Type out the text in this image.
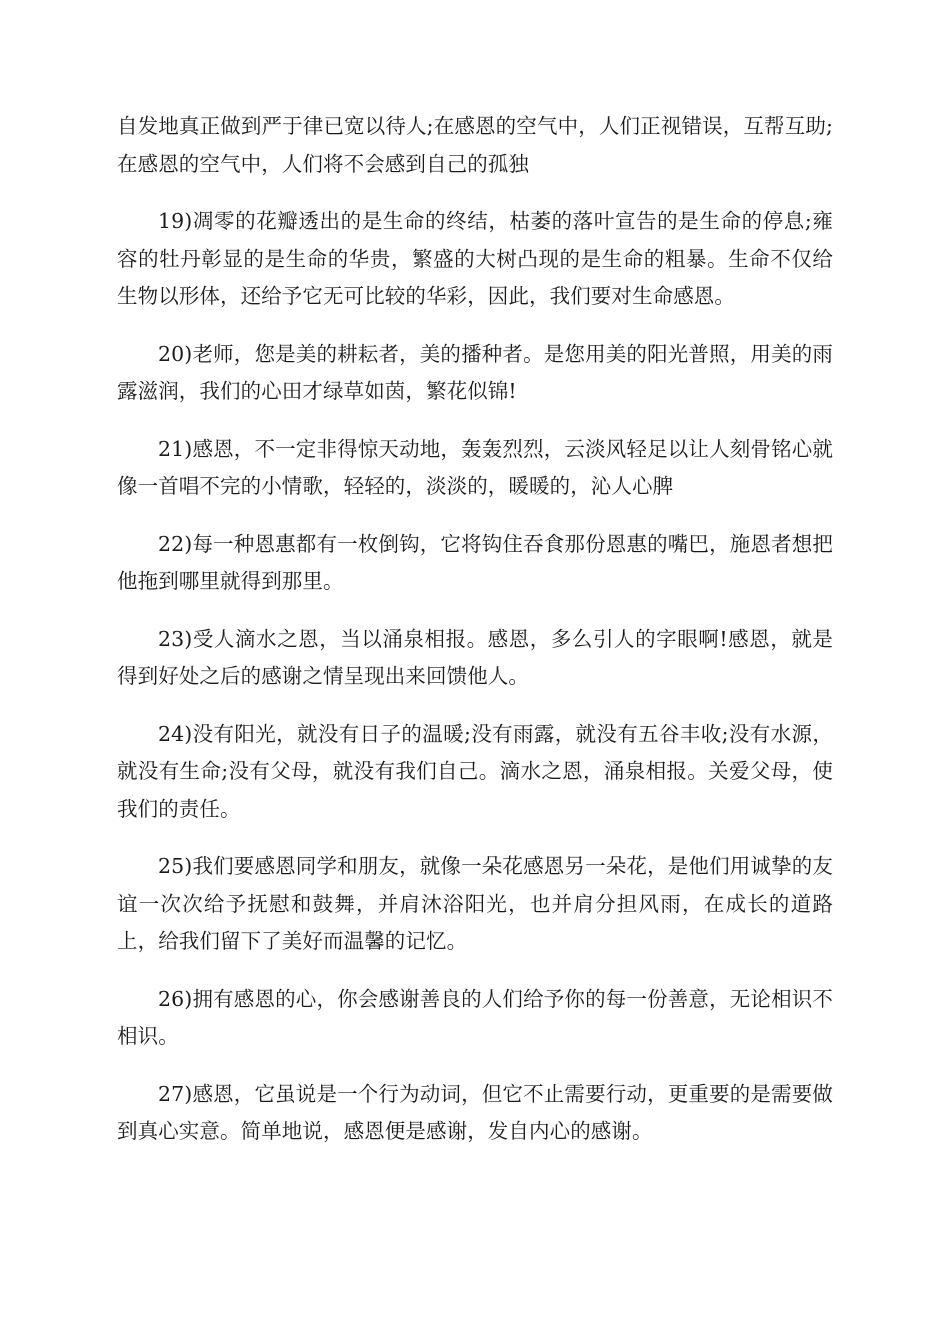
自发地真正做到严于律已宽以待人;在感恩的空气中，人们正视错误，互帮互助;在感恩的空气中，人们将不会感到自己的孤独

19)凋零的花瓣透出的是生命的终结，枯萎的落叶宣告的是生命的停息;雍容的牡丹彰显的是生命的华贵，繁盛的大树凸现的是生命的粗暴。生命不仅给生物以形体，还给予它无可比较的华彩，因此，我们要对生命感恩。

20)老师，您是美的耕耘者，美的播种者。是您用美的阳光普照，用美的雨露滋润，我们的心田才绿草如茵，繁花似锦!

21)感恩，不一定非得惊天动地，轰轰烈烈，云淡风轻足以让人刻骨铭心就像一首唱不完的小情歌，轻轻的，淡淡的，暖暖的，沁人心脾

22)每一种恩惠都有一枚倒钩，它将钩住吞食那份恩惠的嘴巴，施恩者想把他拖到哪里就得到那里。

23)受人滴水之恩，当以涌泉相报。感恩，多么引人的字眼啊!感恩，就是得到好处之后的感谢之情呈现出来回馈他人。

24)没有阳光，就没有日子的温暖;没有雨露，就没有五谷丰收;没有水源，就没有生命;没有父母，就没有我们自己。滴水之恩，涌泉相报。关爱父母，使我们的责任。

25)我们要感恩同学和朋友，就像一朵花感恩另一朵花，是他们用诚挚的友谊一次次给予抚慰和鼓舞，并肩沐浴阳光，也并肩分担风雨，在成长的道路上，给我们留下了美好而温馨的记忆。

26)拥有感恩的心，你会感谢善良的人们给予你的每一份善意，无论相识不相识。

27)感恩，它虽说是一个行为动词，但它不止需要行动，更重要的是需要做到真心实意。简单地说，感恩便是感谢，发自内心的感谢。
